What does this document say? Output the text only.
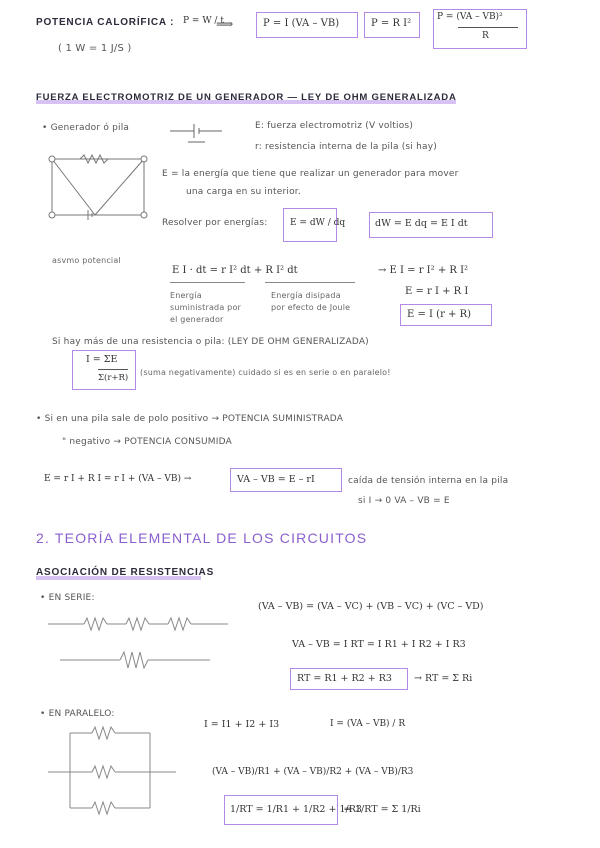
POTENCIA CALORÍFICA : P = W / t
⟹
( 1 W = 1 J/S )
P = I (VA – VB)	P = R I²
P = (VA – VB)²
R
FUERZA ELECTROMOTRIZ DE UN GENERADOR — LEY DE OHM GENERALIZADA
• Generador ó pila	E: fuerza electromotriz (V voltios)
r: resistencia interna de la pila (si hay)
asvmo potencial
E = la energía que tiene que realizar un generador para mover
una carga en su interior.
Resolver por energías:	E = dW / dq	dW = E dq = E I dt
E I · dt = r I² dt + R I² dt
Energía suministrada por el generador
Energía disipada por efecto de Joule
→ E I = r I² + R I²
E = r I + R I
E = I (r + R)
Si hay más de una resistencia o pila: (LEY DE OHM GENERALIZADA)
I = ΣE
Σ(r+R)
(suma negativamente) cuidado si es en serie o en paralelo!
• Si en una pila sale de polo positivo → POTENCIA SUMINISTRADA
" negativo → POTENCIA CONSUMIDA
E = r I + R I = r I + (VA – VB) →	VA – VB = E – rI	caída de tensión interna en la pila
si I → 0 VA – VB = E
2. TEORÍA ELEMENTAL DE LOS CIRCUITOS
ASOCIACIÓN DE RESISTENCIAS
• EN SERIE:
(VA – VB) = (VA – VC) + (VB – VC) + (VC – VD)
VA – VB = I RT = I R1 + I R2 + I R3
RT = R1 + R2 + R3 → RT = Σ Ri
• EN PARALELO:
I = I1 + I2 + I3	I = (VA – VB) / R
(VA – VB)/R1 + (VA – VB)/R2 + (VA – VB)/R3
1/RT = 1/R1 + 1/R2 + 1/R3
⇒ 1/RT = Σ 1/Ri
